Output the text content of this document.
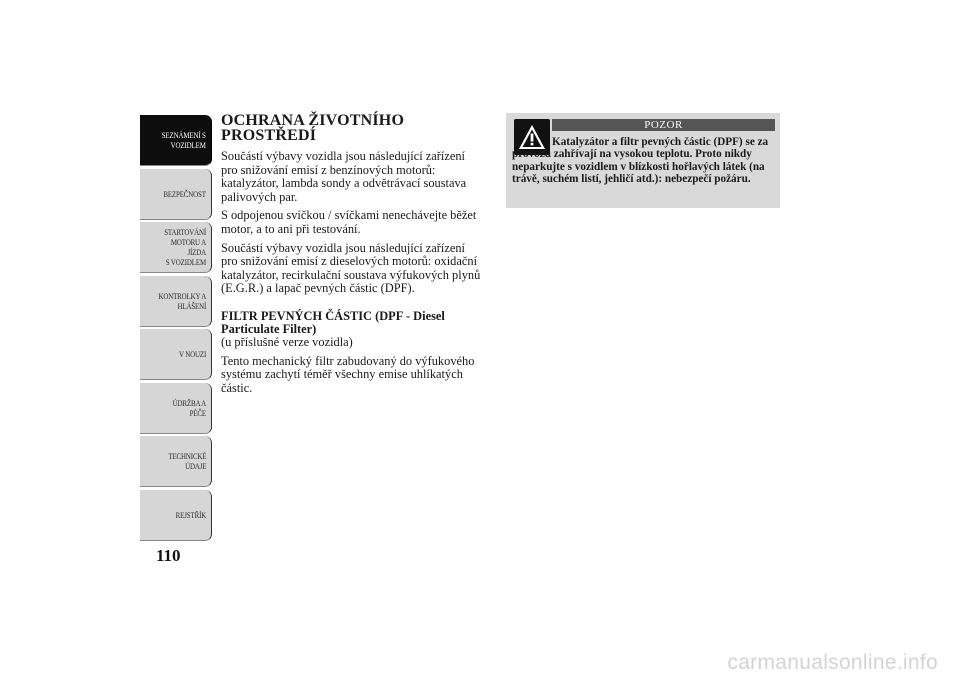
SEZNÁMENÍ S
VOZIDLEM
BEZPEČNOST
STARTOVÁNÍ
MOTORU A JÍZDA
S VOZIDLEM
KONTROLKY A
HLÁŠENÍ
V NOUZI
ÚDRŽBA A PÉČE
TECHNICKÉ
ÚDAJE
REJSTŘÍK
110
OCHRANA ŽIVOTNÍHO
PROSTŘEDÍ

Součástí výbavy vozidla jsou následující zařízení pro snižování emisí z benzínových motorů: katalyzátor, lambda sondy a odvětrávací soustava palivových par.

S odpojenou svíčkou / svíčkami nenechávejte běžet motor, a to ani při testování.

Součástí výbavy vozidla jsou následující zařízení pro snižování emisí z dieselových motorů: oxidační katalyzátor, recirkulační soustava výfukových plynů (E.G.R.) a lapač pevných částic (DPF).

FILTR PEVNÝCH ČÁSTIC (DPF - Diesel Particulate Filter)
(u příslušné verze vozidla)

Tento mechanický filtr zabudovaný do výfukového systému zachytí téměř všechny emise uhlíkatých částic.

POZOR
Katalyzátor a filtr pevných částic (DPF) se za provozu zahřívají na vysokou teplotu. Proto nikdy neparkujte s vozidlem v blízkosti hořlavých látek (na trávě, suchém listí, jehličí atd.): nebezpečí požáru.
carmanualsonline.info
